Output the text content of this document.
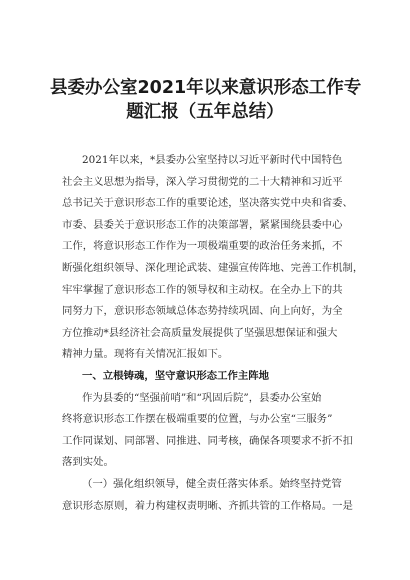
县委办公室2021年以来意识形态工作专
题汇报（五年总结）
2021年以来，*县委办公室坚持以习近平新时代中国特色
社会主义思想为指导，深入学习贯彻党的二十大精神和习近平
总书记关于意识形态工作的重要论述，坚决落实党中央和省委、
市委、县委关于意识形态工作的决策部署，紧紧围绕县委中心
工作，将意识形态工作作为一项极端重要的政治任务来抓，不
断强化组织领导、深化理论武装、建强宣传阵地、完善工作机制，
牢牢掌握了意识形态工作的领导权和主动权。在全办上下的共
同努力下，意识形态领域总体态势持续巩固、向上向好，为全
方位推动*县经济社会高质量发展提供了坚强思想保证和强大
精神力量。现将有关情况汇报如下。
一、立根铸魂，坚守意识形态工作主阵地
作为县委的“坚强前哨”和“巩固后院”，县委办公室始
终将意识形态工作摆在极端重要的位置，与办公室“三服务”
工作同谋划、同部署、同推进、同考核，确保各项要求不折不扣
落到实处。
（一）强化组织领导，健全责任落实体系。始终坚持党管
意识形态原则，着力构建权责明晰、齐抓共管的工作格局。一是
